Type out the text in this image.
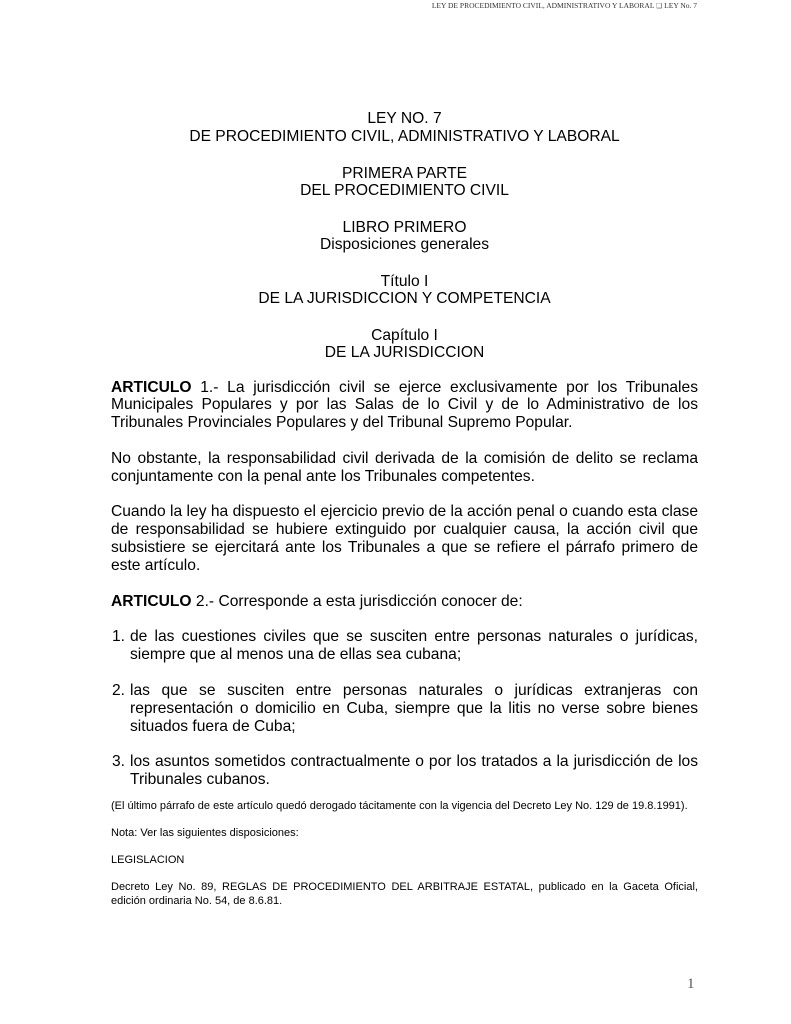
LEY DE PROCEDIMIENTO CIVIL, ADMINISTRATIVO Y LABORAL ❏ LEY No. 7
LEY NO. 7
DE PROCEDIMIENTO CIVIL, ADMINISTRATIVO Y LABORAL
PRIMERA PARTE
DEL PROCEDIMIENTO CIVIL
LIBRO PRIMERO
Disposiciones generales
Título I
DE LA JURISDICCION Y COMPETENCIA
Capítulo I
DE LA JURISDICCION

ARTICULO 1.- La jurisdicción civil se ejerce exclusivamente por los Tribunales Municipales Populares y por las Salas de lo Civil y de lo Administrativo de los Tribunales Provinciales Populares y del Tribunal Supremo Popular.

No obstante, la responsabilidad civil derivada de la comisión de delito se reclama conjuntamente con la penal ante los Tribunales competentes.

Cuando la ley ha dispuesto el ejercicio previo de la acción penal o cuando esta clase de responsabilidad se hubiere extinguido por cualquier causa, la acción civil que subsistiere se ejercitará ante los Tribunales a que se refiere el párrafo primero de este artículo.

ARTICULO 2.- Corresponde a esta jurisdicción conocer de:

1. de las cuestiones civiles que se susciten entre personas naturales o jurídicas, siempre que al menos una de ellas sea cubana;
2. las que se susciten entre personas naturales o jurídicas extranjeras con representación o domicilio en Cuba, siempre que la litis no verse sobre bienes situados fuera de Cuba;
3. los asuntos sometidos contractualmente o por los tratados a la jurisdicción de los Tribunales cubanos.

(El último párrafo de este artículo quedó derogado tácitamente con la vigencia del Decreto Ley No. 129 de 19.8.1991).

Nota: Ver las siguientes disposiciones:

LEGISLACION

Decreto Ley No. 89, REGLAS DE PROCEDIMIENTO DEL ARBITRAJE ESTATAL, publicado en la Gaceta Oficial, edición ordinaria No. 54, de 8.6.81.

1
